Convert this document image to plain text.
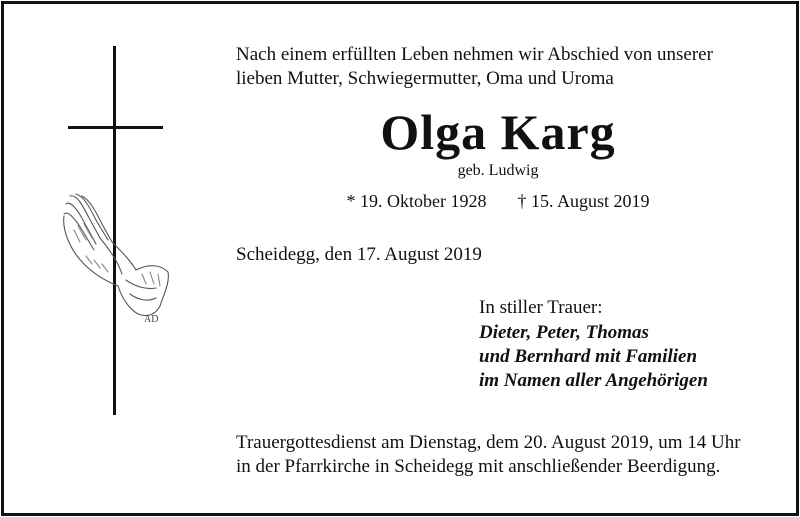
AD
Nach einem erfüllten Leben nehmen wir Abschied von unserer
lieben Mutter, Schwiegermutter, Oma und Uroma
Olga Karg
geb. Ludwig
* 19. Oktober 1928 † 15. August 2019
Scheidegg, den 17. August 2019
In stiller Trauer:
Dieter, Peter, Thomas
und Bernhard mit Familien
im Namen aller Angehörigen
Trauergottesdienst am Dienstag, dem 20. August 2019, um 14 Uhr
in der Pfarrkirche in Scheidegg mit anschließender Beerdigung.
